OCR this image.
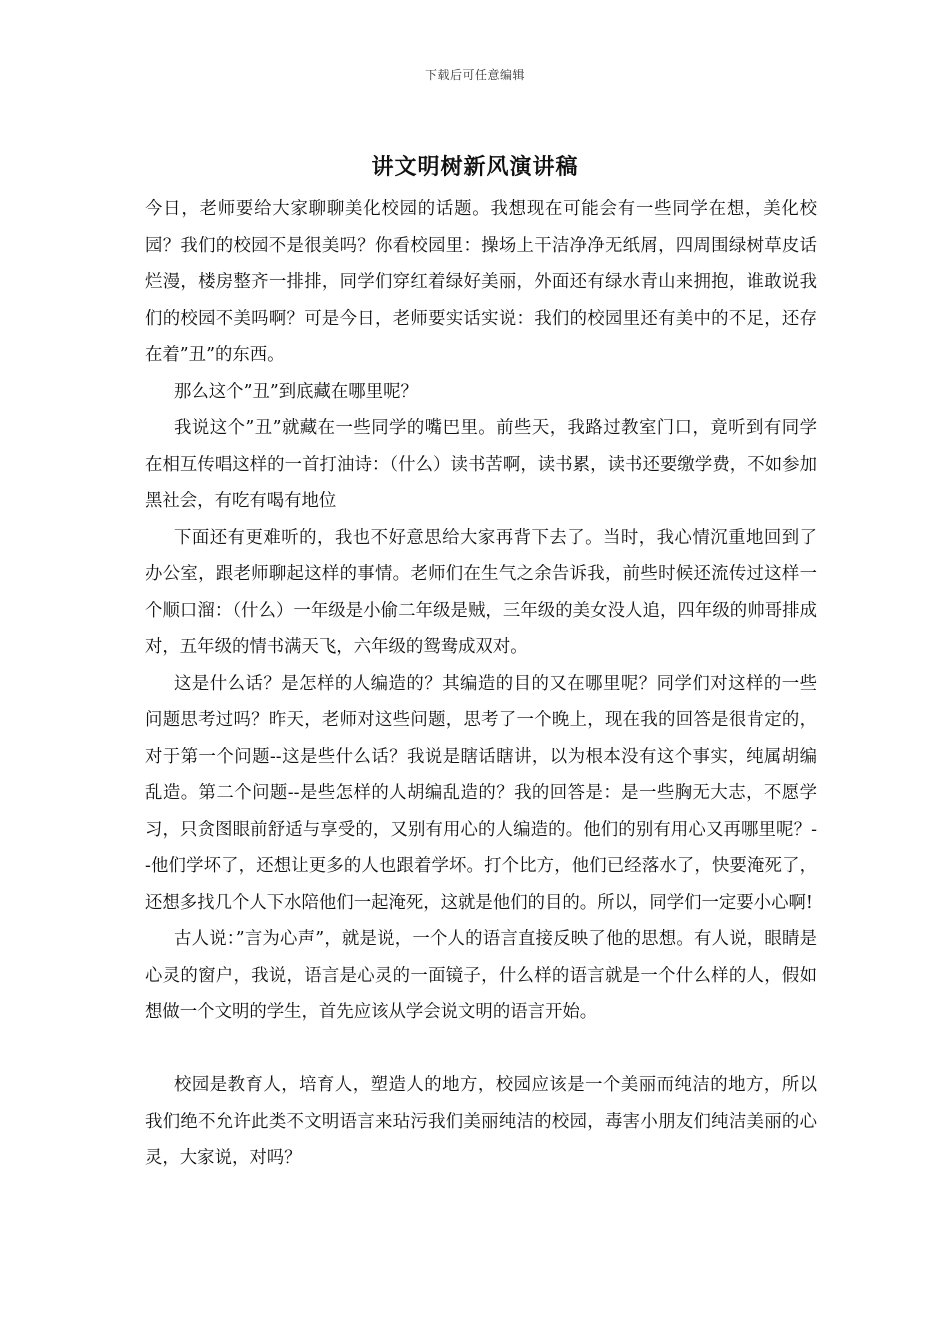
下载后可任意编辑
讲文明树新风演讲稿

今日，老师要给大家聊聊美化校园的话题。我想现在可能会有一些同学在想，美化校园？我们的校园不是很美吗？你看校园里：操场上干洁净净无纸屑，四周围绿树草皮话烂漫，楼房整齐一排排，同学们穿红着绿好美丽，外面还有绿水青山来拥抱，谁敢说我们的校园不美吗啊？可是今日，老师要实话实说：我们的校园里还有美中的不足，还存在着”丑”的东西。

那么这个”丑”到底藏在哪里呢？

我说这个”丑”就藏在一些同学的嘴巴里。前些天，我路过教室门口，竟听到有同学在相互传唱这样的一首打油诗：（什么）读书苦啊，读书累，读书还要缴学费，不如参加黑社会，有吃有喝有地位

下面还有更难听的，我也不好意思给大家再背下去了。当时，我心情沉重地回到了办公室，跟老师聊起这样的事情。老师们在生气之余告诉我，前些时候还流传过这样一个顺口溜：（什么）一年级是小偷二年级是贼，三年级的美女没人追，四年级的帅哥排成对，五年级的情书满天飞，六年级的鸳鸯成双对。

这是什么话？是怎样的人编造的？其编造的目的又在哪里呢？同学们对这样的一些问题思考过吗？昨天，老师对这些问题，思考了一个晚上，现在我的回答是很肯定的，对于第一个问题--这是些什么话？我说是瞎话瞎讲，以为根本没有这个事实，纯属胡编乱造。第二个问题--是些怎样的人胡编乱造的？我的回答是：是一些胸无大志，不愿学习，只贪图眼前舒适与享受的，又别有用心的人编造的。他们的别有用心又再哪里呢？--他们学坏了，还想让更多的人也跟着学坏。打个比方，他们已经落水了，快要淹死了，还想多找几个人下水陪他们一起淹死，这就是他们的目的。所以，同学们一定要小心啊!

古人说：”言为心声”，就是说，一个人的语言直接反映了他的思想。有人说，眼睛是心灵的窗户，我说，语言是心灵的一面镜子，什么样的语言就是一个什么样的人，假如想做一个文明的学生，首先应该从学会说文明的语言开始。

校园是教育人，培育人，塑造人的地方，校园应该是一个美丽而纯洁的地方，所以我们绝不允许此类不文明语言来玷污我们美丽纯洁的校园，毒害小朋友们纯洁美丽的心灵，大家说，对吗？
